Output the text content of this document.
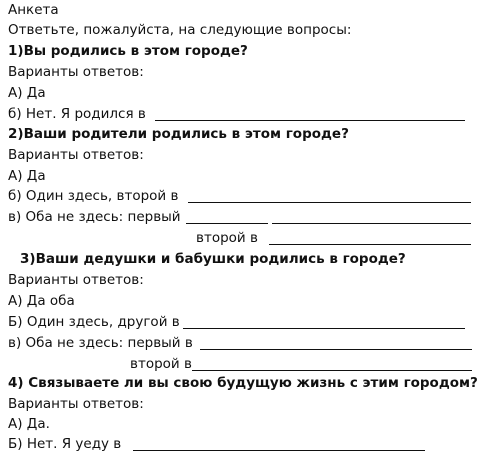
Анкета
Ответьте, пожалуйста, на следующие вопросы:
1)Вы родились в этом городе?
Варианты ответов:
А) Да
б) Нет. Я родился в
2)Ваши родители родились в этом городе?
Варианты ответов:
А) Да
б) Один здесь, второй в
в) Оба не здесь: первый
второй в
3)Ваши дедушки и бабушки родились в городе?
Варианты ответов:
А) Да оба
Б) Один здесь, другой в
в) Оба не здесь: первый в
второй в
4) Связываете ли вы свою будущую жизнь с этим городом?
Варианты ответов:
А) Да.
Б) Нет. Я уеду в
